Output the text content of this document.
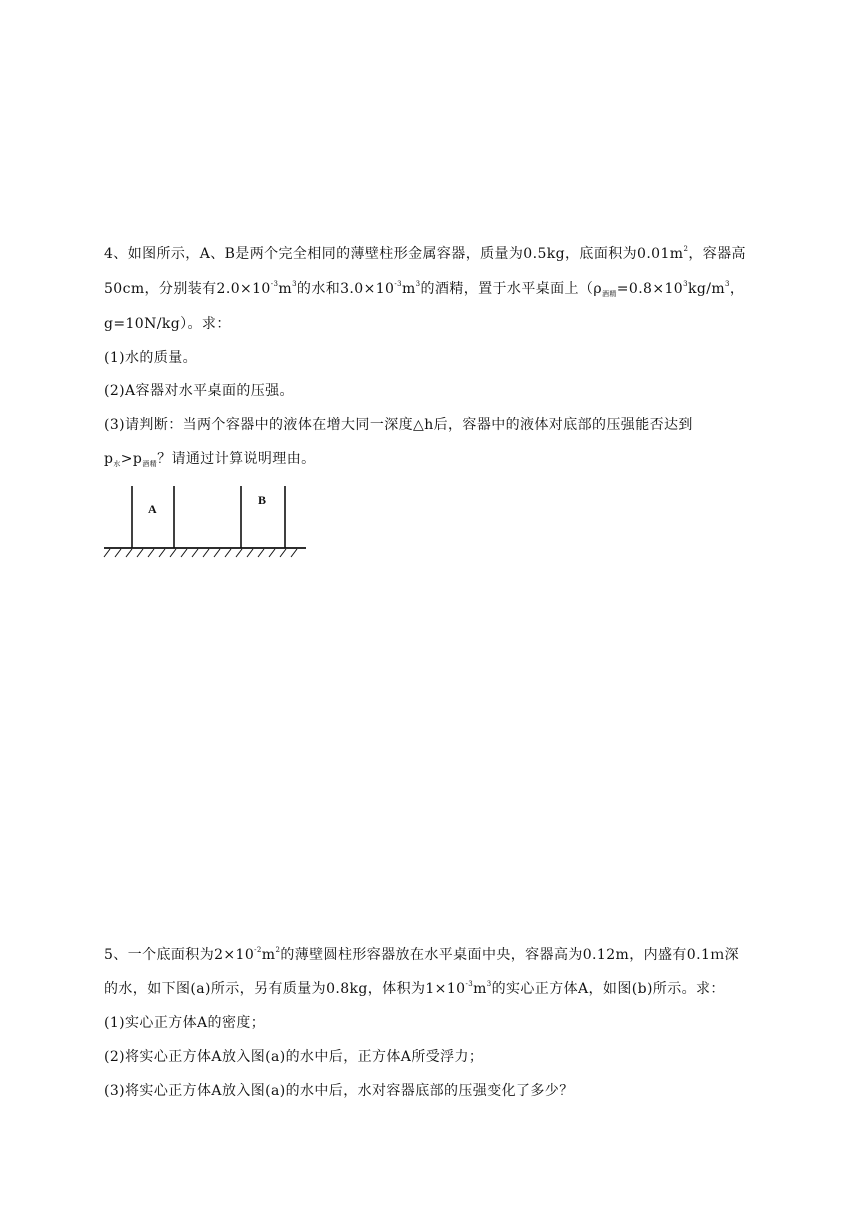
4、如图所示，A、B是两个完全相同的薄壁柱形金属容器，质量为0.5kg，底面积为$0.01m^2$，容器高
50cm，分别装有$2.0\times 10^{-3}m^3$的水和$3.0\times 10^{-3}m^3$的酒精，置于水平桌面上（$\rho_{酒精}=0.8\times 10^3kg/m^3$，
g=10N/kg）。求：
(1)水的质量。
(2)A容器对水平桌面的压强。
(3)请判断：当两个容器中的液体在增大同一深度△h后，容器中的液体对底部的压强能否达到
$p_水>p_{酒精}$？请通过计算说明理由。
A
B
5、一个底面积为$2\times 10^{-2}m^2$的薄壁圆柱形容器放在水平桌面中央，容器高为0.12m，内盛有0.1ｍ深
的水，如下图(a)所示，另有质量为0.8kg，体积为$1\times 10^{-3}m^3$的实心正方体A，如图(b)所示。求：
(1)实心正方体A的密度；
(2)将实心正方体A放入图(a)的水中后，正方体A所受浮力；
(3)将实心正方体A放入图(a)的水中后，水对容器底部的压强变化了多少？
